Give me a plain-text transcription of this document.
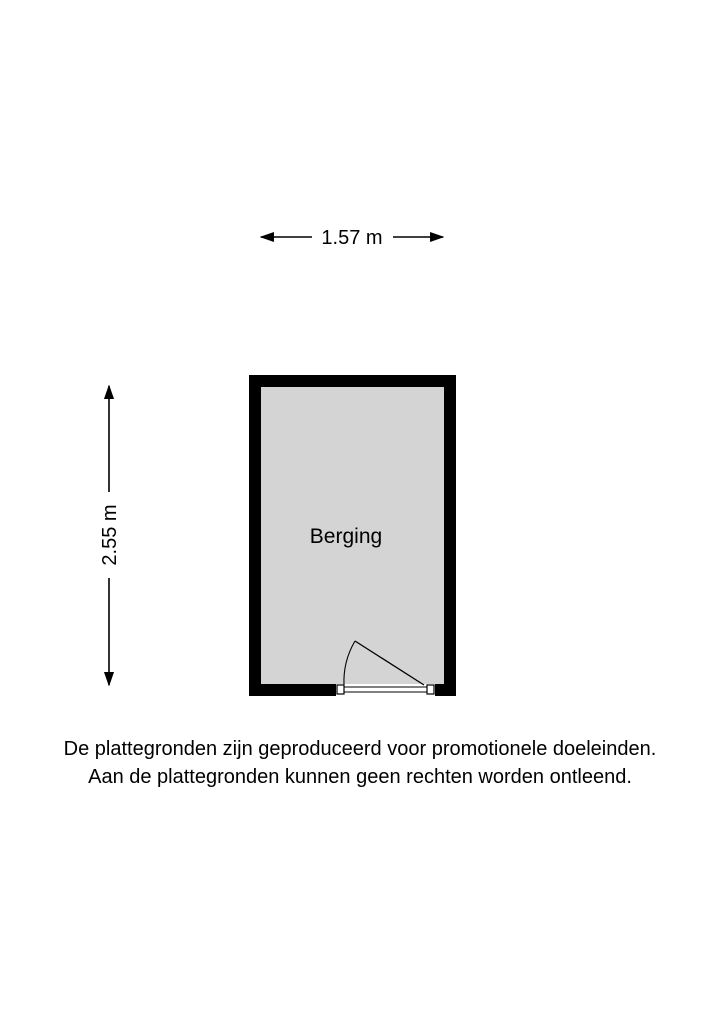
1.57 m
2.55 m	Berging
De plattegronden zijn geproduceerd voor promotionele doeleinden.
Aan de plattegronden kunnen geen rechten worden ontleend.
